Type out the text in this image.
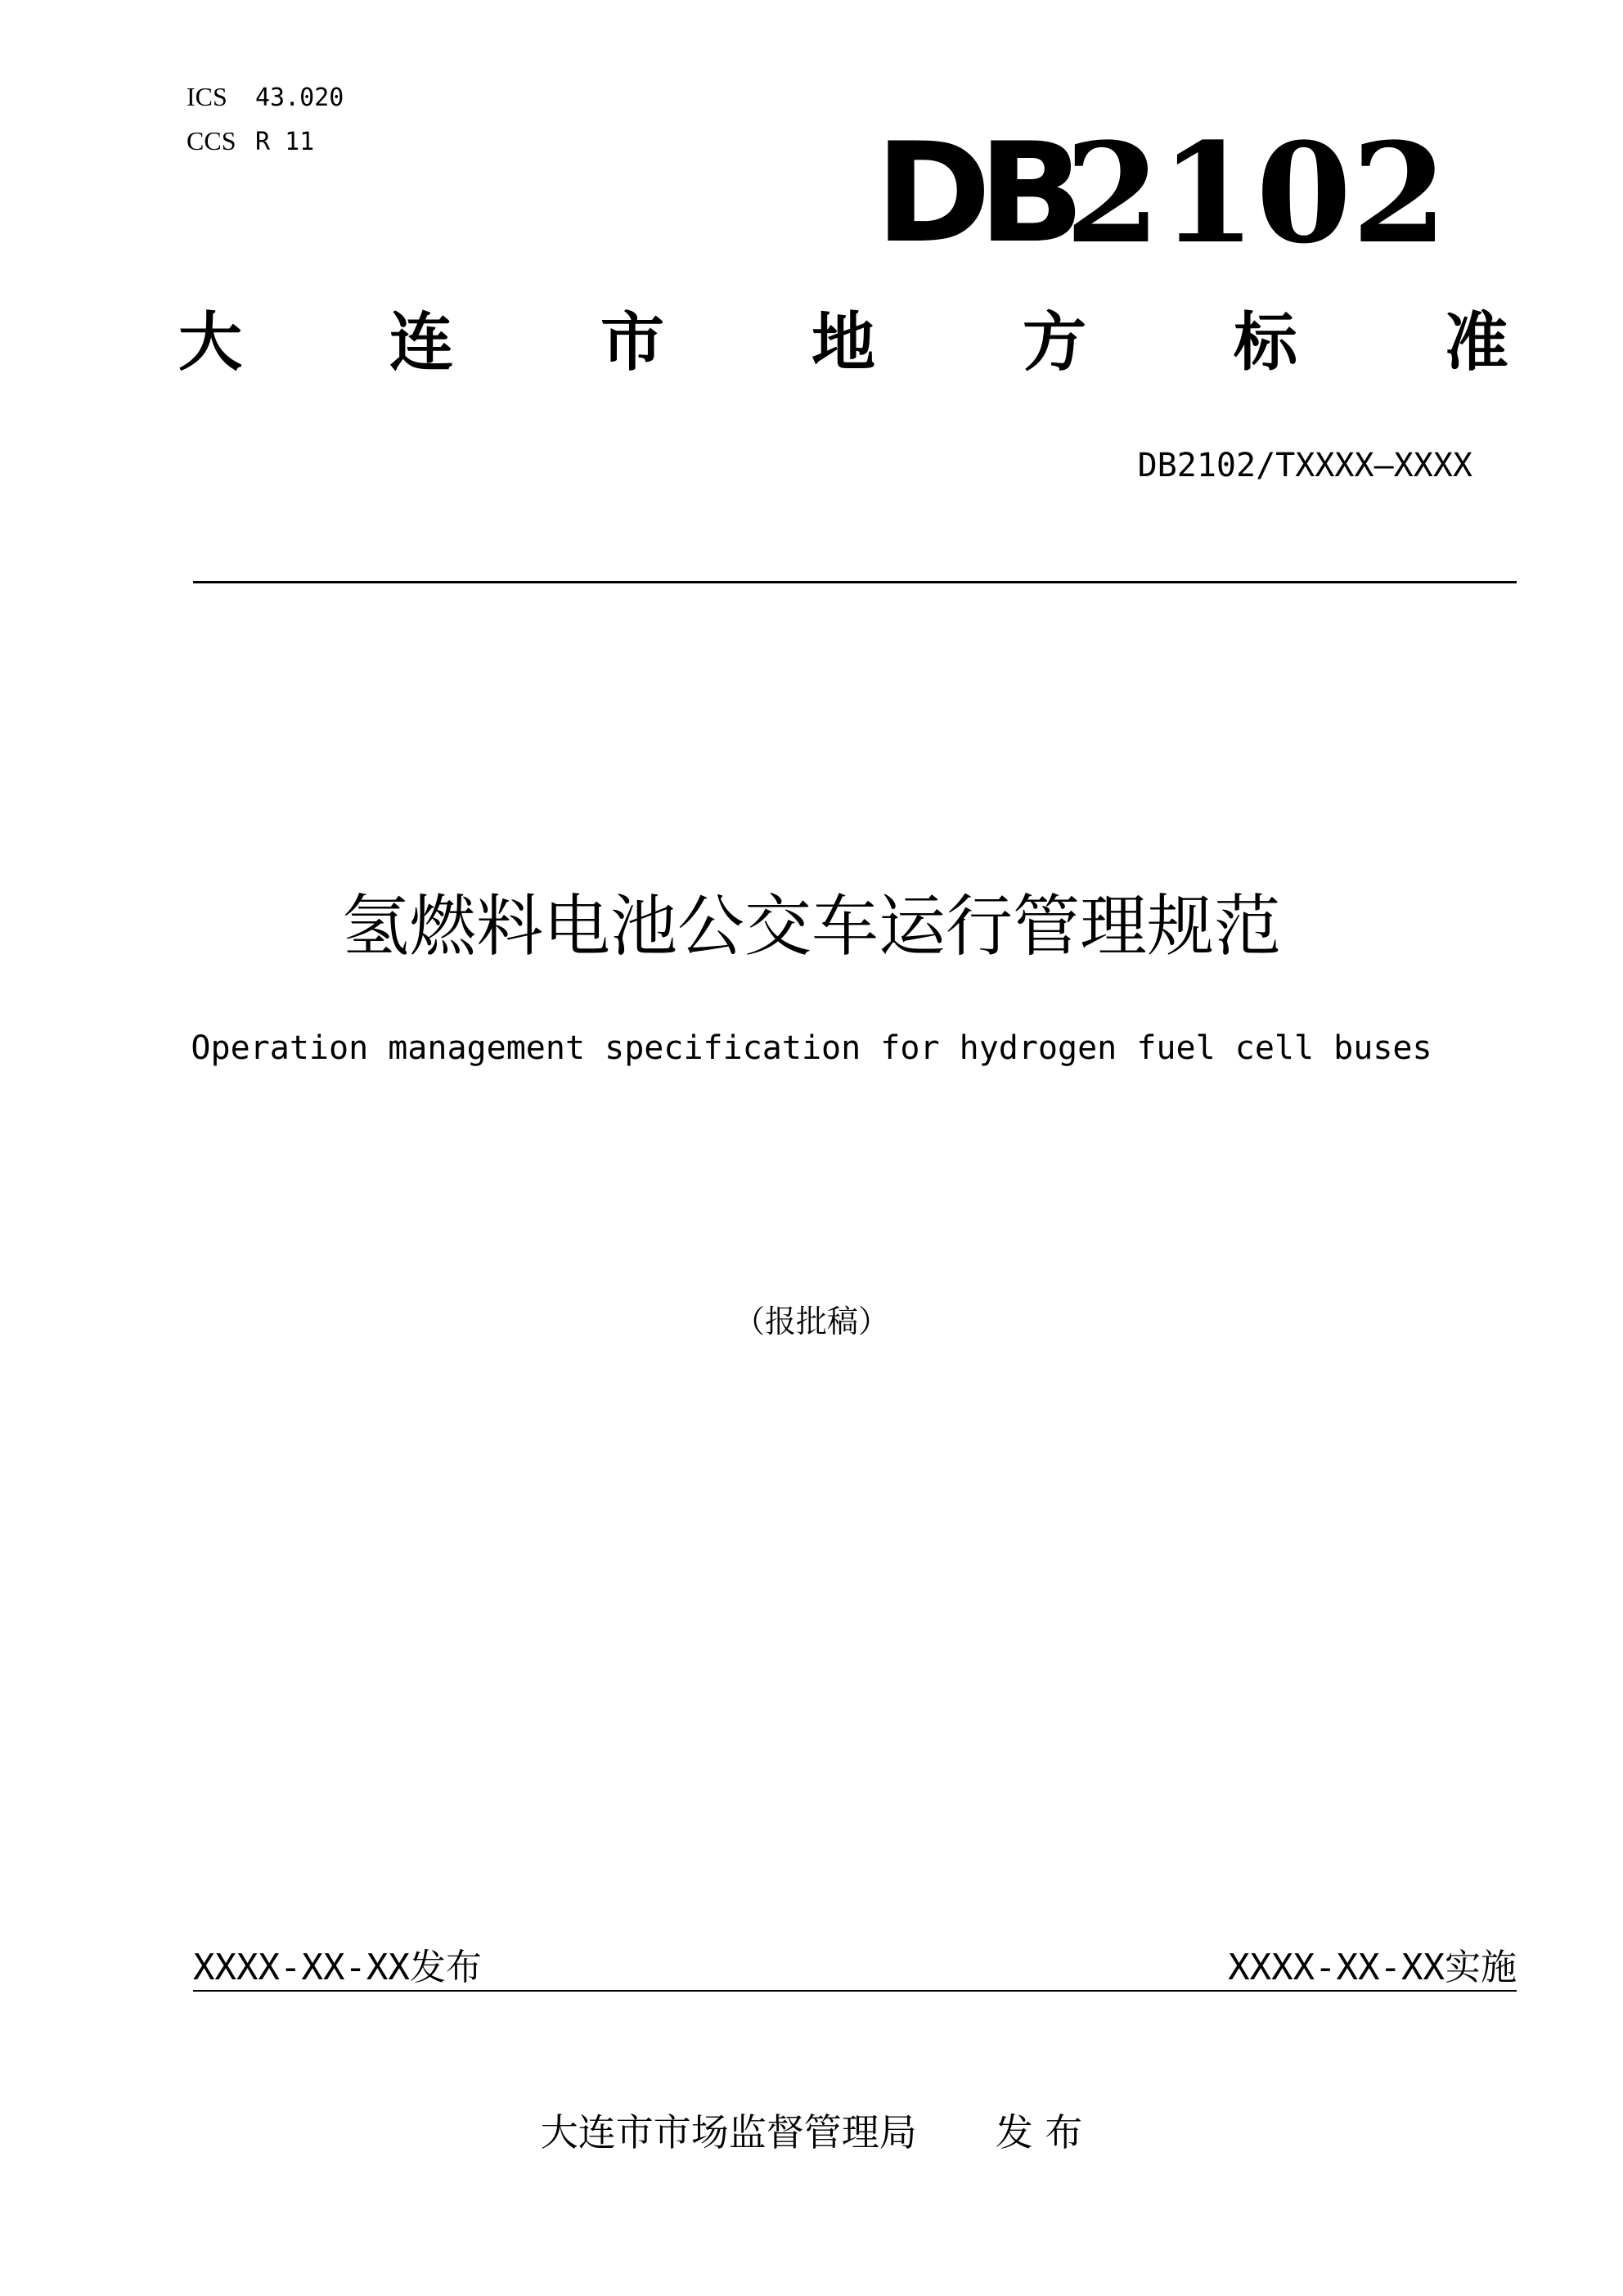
ICS	43.020
CCS R 11	DB
2102
大 连 市 地 方 标 准
DB2102/TXXXX—XXXX
氢燃料电池公交车运行管理规范
Operation management specification for hydrogen fuel cell buses
（报批稿）
XXXX-XX-XX发布	XXXX-XX-XX实施
大连市市场监督管理局 发 布
